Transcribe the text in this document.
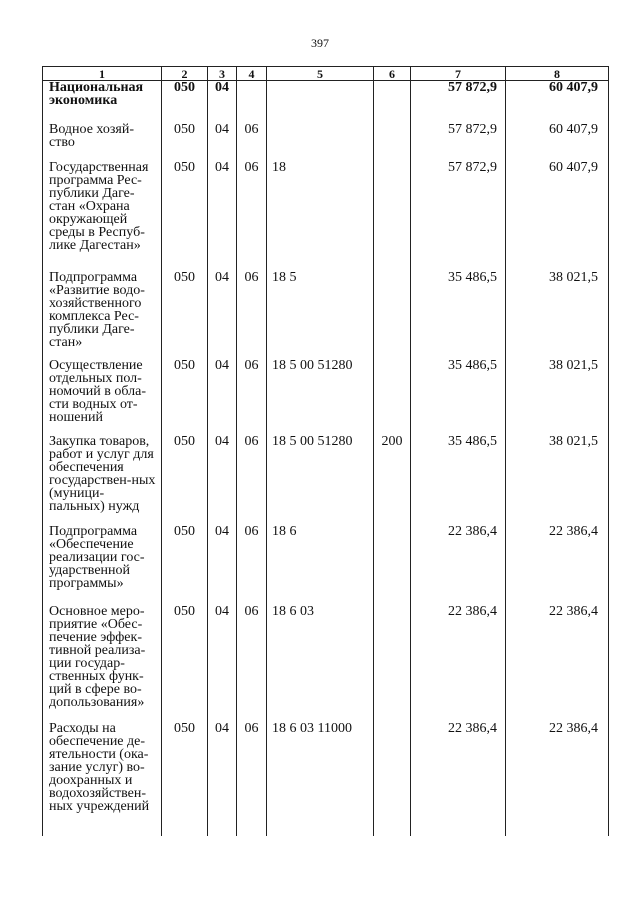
397
1	2	3	4	5	6	7	8
Национальная экономика	050	04				57 872,9	60 407,9
Водное хозяй-ство	050	04	06			57 872,9	60 407,9
Государственная программа Рес-публики Даге-стан «Охрана окружающей среды в Респуб-лике Дагестан»	050	04	06	18		57 872,9	60 407,9
Подпрограмма «Развитие водо-хозяйственного комплекса Рес-публики Даге-стан»	050	04	06	18 5		35 486,5	38 021,5
Осуществление отдельных пол-номочий в обла-сти водных от-ношений	050	04	06	18 5 00 51280		35 486,5	38 021,5
Закупка товаров, работ и услуг для обеспечения государствен-ных (муници-пальных) нужд	050	04	06	18 5 00 51280	200	35 486,5	38 021,5
Подпрограмма «Обеспечение реализации гос-ударственной программы»	050	04	06	18 6		22 386,4	22 386,4
Основное меро-приятие «Обес-печение эффек-тивной реализа-ции государ-ственных функ-ций в сфере во-допользования»	050	04	06	18 6 03		22 386,4	22 386,4
Расходы на обеспечение де-ятельности (ока-зание услуг) во-доохранных и водохозяйствен-ных учреждений	050	04	06	18 6 03 11000		22 386,4	22 386,4
